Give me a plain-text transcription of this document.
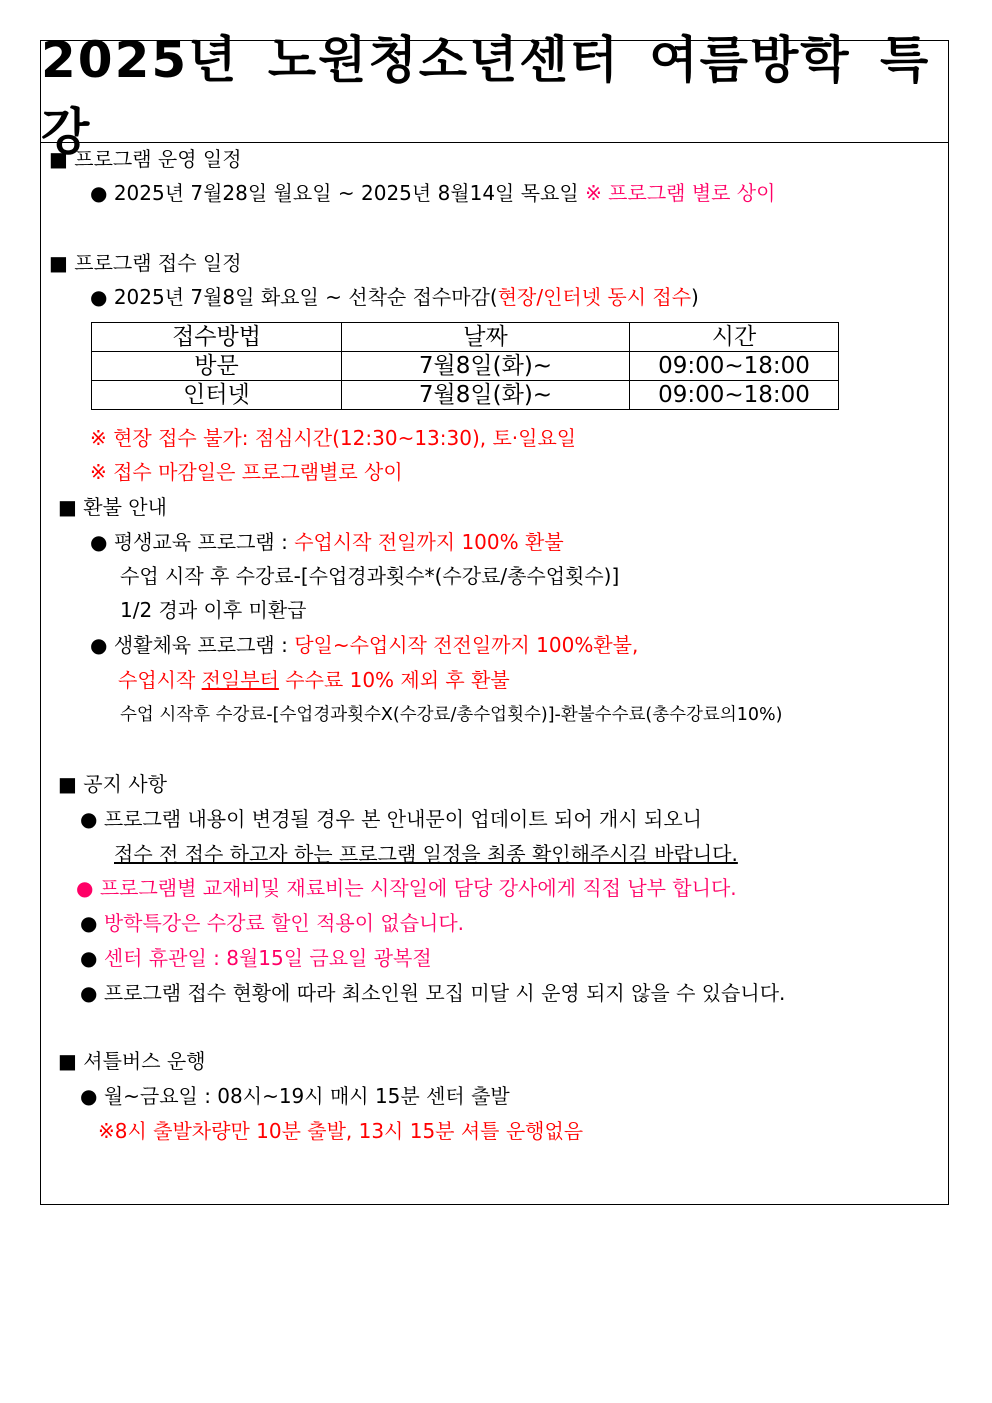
2025년 노원청소년센터 여름방학 특강
■ 프로그램 운영 일정
● 2025년 7월28일 월요일 ~ 2025년 8월14일 목요일 ※ 프로그램 별로 상이
■ 프로그램 접수 일정
● 2025년 7월8일 화요일 ~ 선착순 접수마감(현장/인터넷 동시 접수)
접수방법	날짜	시간
방문	7월8일(화)~	09:00~18:00
인터넷	7월8일(화)~	09:00~18:00
※ 현장 접수 불가: 점심시간(12:30~13:30), 토·일요일
※ 접수 마감일은 프로그램별로 상이
■ 환불 안내
● 평생교육 프로그램 : 수업시작 전일까지 100% 환불
수업 시작 후 수강료-[수업경과횟수*(수강료/총수업횟수)]
1/2 경과 이후 미환급
● 생활체육 프로그램 : 당일~수업시작 전전일까지 100%환불,
수업시작 전일부터 수수료 10% 제외 후 환불
수업 시작후 수강료-[수업경과횟수X(수강료/총수업횟수)]-환불수수료(총수강료의10%)
■ 공지 사항
● 프로그램 내용이 변경될 경우 본 안내문이 업데이트 되어 개시 되오니
접수 전 접수 하고자 하는 프로그램 일정을 최종 확인해주시길 바랍니다.
● 프로그램별 교재비및 재료비는 시작일에 담당 강사에게 직접 납부 합니다.
● 방학특강은 수강료 할인 적용이 없습니다.
● 센터 휴관일 : 8월15일 금요일 광복절
● 프로그램 접수 현황에 따라 최소인원 모집 미달 시 운영 되지 않을 수 있습니다.
■ 셔틀버스 운행
● 월~금요일 : 08시~19시 매시 15분 센터 출발
※8시 출발차량만 10분 출발, 13시 15분 셔틀 운행없음
